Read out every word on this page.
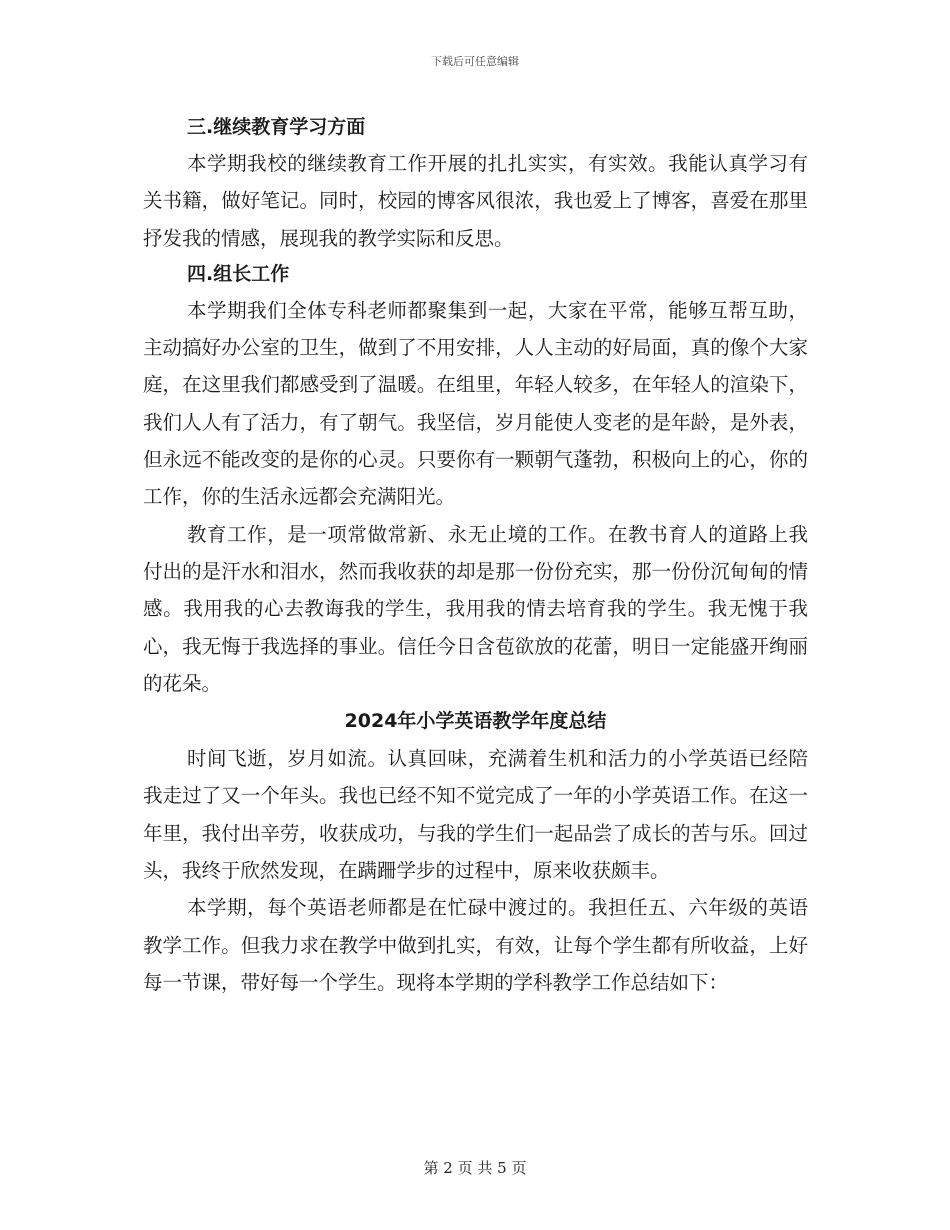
下载后可任意编辑
三.继续教育学习方面

本学期我校的继续教育工作开展的扎扎实实，有实效。我能认真学习有关书籍，做好笔记。同时，校园的博客风很浓，我也爱上了博客，喜爱在那里抒发我的情感，展现我的教学实际和反思。

四.组长工作

本学期我们全体专科老师都聚集到一起，大家在平常，能够互帮互助，主动搞好办公室的卫生，做到了不用安排，人人主动的好局面，真的像个大家庭，在这里我们都感受到了温暖。在组里，年轻人较多，在年轻人的渲染下，我们人人有了活力，有了朝气。我坚信，岁月能使人变老的是年龄，是外表，但永远不能改变的是你的心灵。只要你有一颗朝气蓬勃，积极向上的心，你的工作，你的生活永远都会充满阳光。

教育工作，是一项常做常新、永无止境的工作。在教书育人的道路上我付出的是汗水和泪水，然而我收获的却是那一份份充实，那一份份沉甸甸的情感。我用我的心去教诲我的学生，我用我的情去培育我的学生。我无愧于我心，我无悔于我选择的事业。信任今日含苞欲放的花蕾，明日一定能盛开绚丽的花朵。

2024年小学英语教学年度总结

时间飞逝，岁月如流。认真回味，充满着生机和活力的小学英语已经陪我走过了又一个年头。我也已经不知不觉完成了一年的小学英语工作。在这一年里，我付出辛劳，收获成功，与我的学生们一起品尝了成长的苦与乐。回过头，我终于欣然发现，在蹒跚学步的过程中，原来收获颇丰。

本学期，每个英语老师都是在忙碌中渡过的。我担任五、六年级的英语教学工作。但我力求在教学中做到扎实，有效，让每个学生都有所收益，上好每一节课，带好每一个学生。现将本学期的学科教学工作总结如下：

第 2 页 共 5 页
